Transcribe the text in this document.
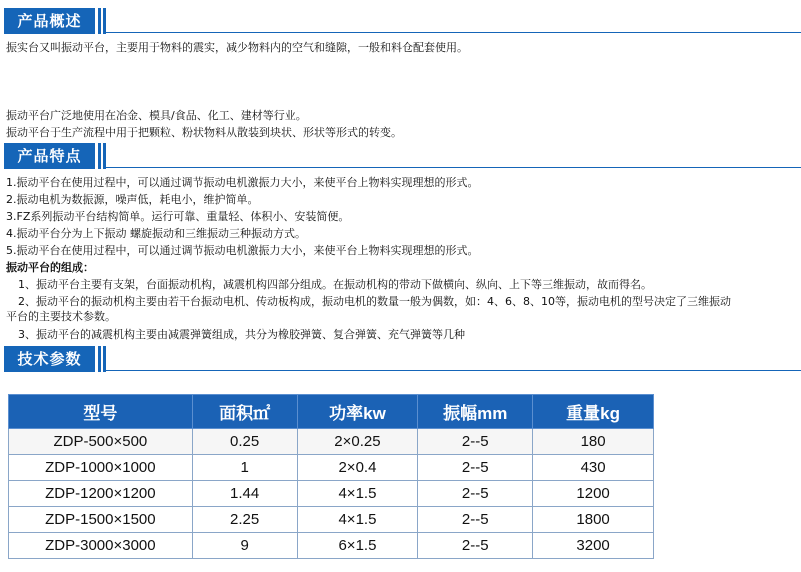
产品概述
振实台又叫振动平台，主要用于物料的震实，减少物料内的空气和缝隙，一般和料仓配套使用。
振动平台广泛地使用在冶金、模具/食品、化工、建材等行业。
振动平台于生产流程中用于把颗粒、粉状物料从散装到块状、形状等形式的转变。
产品特点
1.振动平台在使用过程中，可以通过调节振动电机激振力大小，来使平台上物料实现理想的形式。
2.振动电机为数振源，噪声低，耗电小，维护简单。
3.FZ系列振动平台结构简单。运行可靠、重量轻、体积小、安装简便。
4.振动平台分为上下振动 螺旋振动和三维振动三种振动方式。
5.振动平台在使用过程中，可以通过调节振动电机激振力大小，来使平台上物料实现理想的形式。
振动平台的组成：
1、振动平台主要有支架，台面振动机构，减震机构四部分组成。在振动机构的带动下做横向、纵向、上下等三维振动，故而得名。
2、振动平台的振动机构主要由若干台振动电机、传动板构成，振动电机的数量一般为偶数，如：4、6、8、10等，振动电机的型号决定了三维振动
平台的主要技术参数。
3、振动平台的减震机构主要由减震弹簧组成，共分为橡胶弹簧、复合弹簧、充气弹簧等几种
技术参数
型号	面积㎡	功率kw	振幅mm	重量kg
ZDP-500×500	0.25	2×0.25	2--5	180
ZDP-1000×1000	1	2×0.4	2--5	430
ZDP-1200×1200	1.44	4×1.5	2--5	1200
ZDP-1500×1500	2.25	4×1.5	2--5	1800
ZDP-3000×3000	9	6×1.5	2--5	3200
